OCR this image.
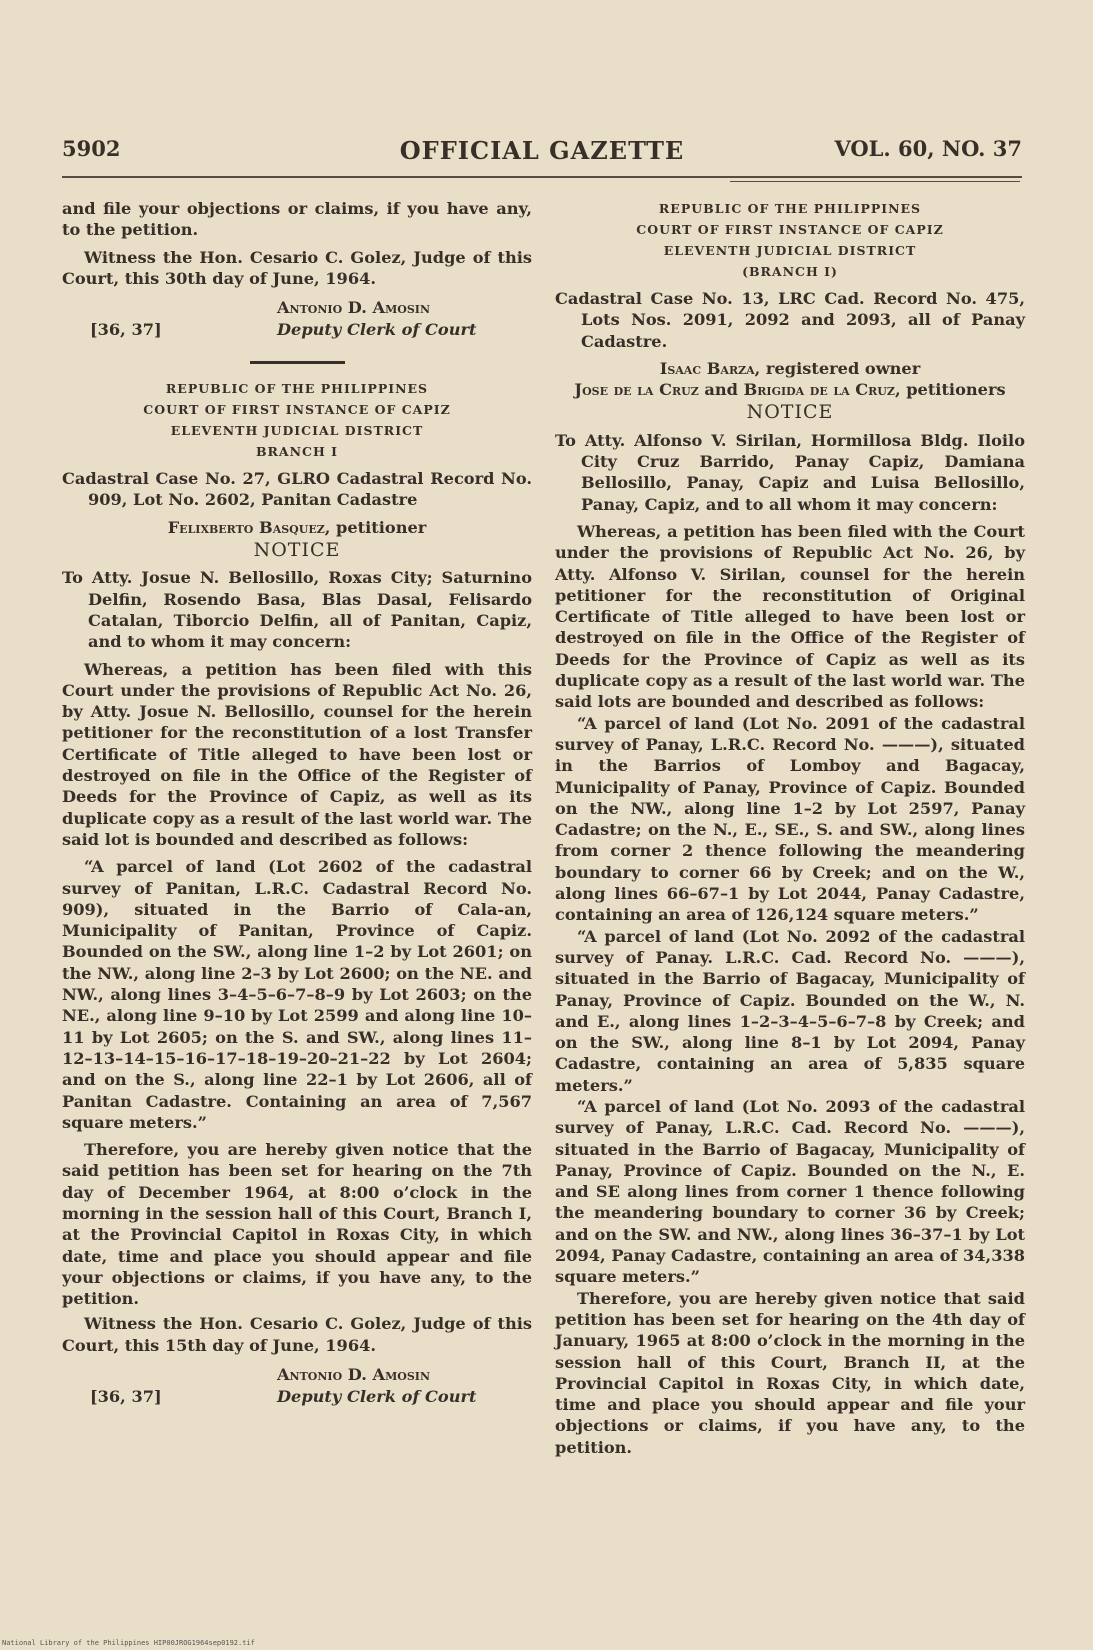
5902	OFFICIAL GAZETTE	VOL. 60, NO. 37

and file your objections or claims, if you have any, to the petition.

Witness the Hon. Cesario C. Golez, Judge of this Court, this 30th day of June, 1964.

Antonio D. Amosin
Deputy Clerk of Court
[36, 37]
REPUBLIC OF THE PHILIPPINES
COURT OF FIRST INSTANCE OF CAPIZ
ELEVENTH JUDICIAL DISTRICT
BRANCH I

Cadastral Case No. 27, GLRO Cadastral Record No. 909, Lot No. 2602, Panitan Cadastre

Felixberto Basquez, petitioner

NOTICE

To Atty. Josue N. Bellosillo, Roxas City; Saturnino Delfin, Rosendo Basa, Blas Dasal, Felisardo Catalan, Tiborcio Delfin, all of Panitan, Capiz, and to whom it may concern:

Whereas, a petition has been filed with this Court under the provisions of Republic Act No. 26, by Atty. Josue N. Bellosillo, counsel for the herein petitioner for the reconstitution of a lost Transfer Certificate of Title alleged to have been lost or destroyed on file in the Office of the Register of Deeds for the Province of Capiz, as well as its duplicate copy as a result of the last world war. The said lot is bounded and described as follows:

“A parcel of land (Lot 2602 of the cadastral survey of Panitan, L.R.C. Cadastral Record No. 909), situated in the Barrio of Cala-an, Municipality of Panitan, Province of Capiz. Bounded on the SW., along line 1–2 by Lot 2601; on the NW., along line 2–3 by Lot 2600; on the NE. and NW., along lines 3–4–5–6–7–8–9 by Lot 2603; on the NE., along line 9–10 by Lot 2599 and along line 10–11 by Lot 2605; on the S. and SW., along lines 11–12–13–14–15–16–17–18–19–20–21–22 by Lot 2604; and on the S., along line 22–1 by Lot 2606, all of Panitan Cadastre. Containing an area of 7,567 square meters.”

Therefore, you are hereby given notice that the said petition has been set for hearing on the 7th day of December 1964, at 8:00 o’clock in the morning in the session hall of this Court, Branch I, at the Provincial Capitol in Roxas City, in which date, time and place you should appear and file your objections or claims, if you have any, to the petition.

Witness the Hon. Cesario C. Golez, Judge of this Court, this 15th day of June, 1964.

Antonio D. Amosin
Deputy Clerk of Court
[36, 37]
REPUBLIC OF THE PHILIPPINES
COURT OF FIRST INSTANCE OF CAPIZ
ELEVENTH JUDICIAL DISTRICT
(BRANCH I)

Cadastral Case No. 13, LRC Cad. Record No. 475, Lots Nos. 2091, 2092 and 2093, all of Panay Cadastre.

Isaac Barza, registered owner

Jose de la Cruz and Brigida de la Cruz, petitioners

NOTICE

To Atty. Alfonso V. Sirilan, Hormillosa Bldg. Iloilo City Cruz Barrido, Panay Capiz, Damiana Bellosillo, Panay, Capiz and Luisa Bellosillo, Panay, Capiz, and to all whom it may concern:

Whereas, a petition has been filed with the Court under the provisions of Republic Act No. 26, by Atty. Alfonso V. Sirilan, counsel for the herein petitioner for the reconstitution of Original Certificate of Title alleged to have been lost or destroyed on file in the Office of the Register of Deeds for the Province of Capiz as well as its duplicate copy as a result of the last world war. The said lots are bounded and described as follows:

“A parcel of land (Lot No. 2091 of the cadastral survey of Panay, L.R.C. Record No. ———), situated in the Barrios of Lomboy and Bagacay, Municipality of Panay, Province of Capiz. Bounded on the NW., along line 1–2 by Lot 2597, Panay Cadastre; on the N., E., SE., S. and SW., along lines from corner 2 thence following the meandering boundary to corner 66 by Creek; and on the W., along lines 66–67–1 by Lot 2044, Panay Cadastre, containing an area of 126,124 square meters.”

“A parcel of land (Lot No. 2092 of the cadastral survey of Panay. L.R.C. Cad. Record No. ———), situated in the Barrio of Bagacay, Municipality of Panay, Province of Capiz. Bounded on the W., N. and E., along lines 1–2–3–4–5–6–7–8 by Creek; and on the SW., along line 8–1 by Lot 2094, Panay Cadastre, containing an area of 5,835 square meters.”

“A parcel of land (Lot No. 2093 of the cadastral survey of Panay, L.R.C. Cad. Record No. ———), situated in the Barrio of Bagacay, Municipality of Panay, Province of Capiz. Bounded on the N., E. and SE along lines from corner 1 thence following the meandering boundary to corner 36 by Creek; and on the SW. and NW., along lines 36–37–1 by Lot 2094, Panay Cadastre, containing an area of 34,338 square meters.”

Therefore, you are hereby given notice that said petition has been set for hearing on the 4th day of January, 1965 at 8:00 o’clock in the morning in the session hall of this Court, Branch II, at the Provincial Capitol in Roxas City, in which date, time and place you should appear and file your objections or claims, if you have any, to the petition.

National Library of the Philippines HIP00JROG1964sep0192.tif
